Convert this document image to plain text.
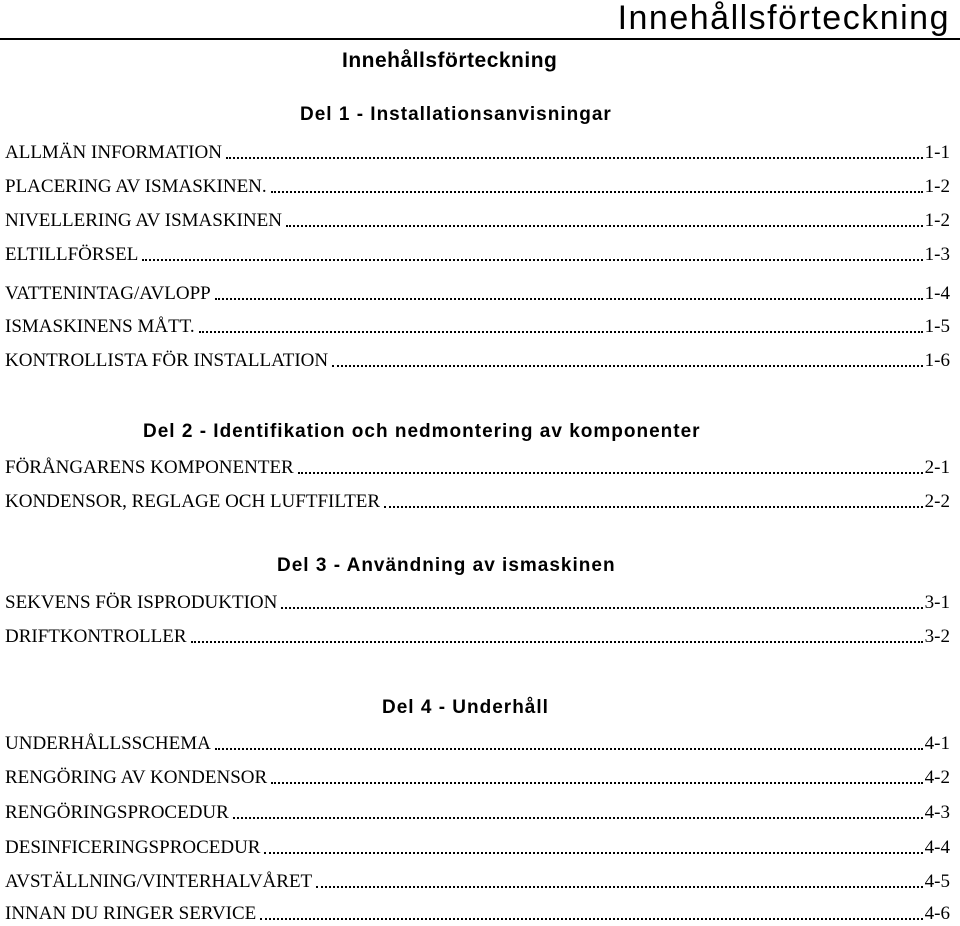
Innehållsförteckning
Innehållsförteckning
Del 1 - Installationsanvisningar
ALLMÄN INFORMATION	1-1
PLACERING AV ISMASKINEN.	1-2
NIVELLERING AV ISMASKINEN	1-2
ELTILLFÖRSEL	1-3
VATTENINTAG/AVLOPP	1-4
ISMASKINENS MÅTT.	1-5
KONTROLLISTA FÖR INSTALLATION	1-6
Del 2 - Identifikation och nedmontering av komponenter
FÖRÅNGARENS KOMPONENTER	2-1
KONDENSOR, REGLAGE OCH LUFTFILTER	2-2
Del 3 - Användning av ismaskinen
SEKVENS FÖR ISPRODUKTION	3-1
DRIFTKONTROLLER	3-2
Del 4 - Underhåll
UNDERHÅLLSSCHEMA	4-1
RENGÖRING AV KONDENSOR	4-2
RENGÖRINGSPROCEDUR	4-3
DESINFICERINGSPROCEDUR	4-4
AVSTÄLLNING/VINTERHALVÅRET	4-5
INNAN DU RINGER SERVICE	4-6
